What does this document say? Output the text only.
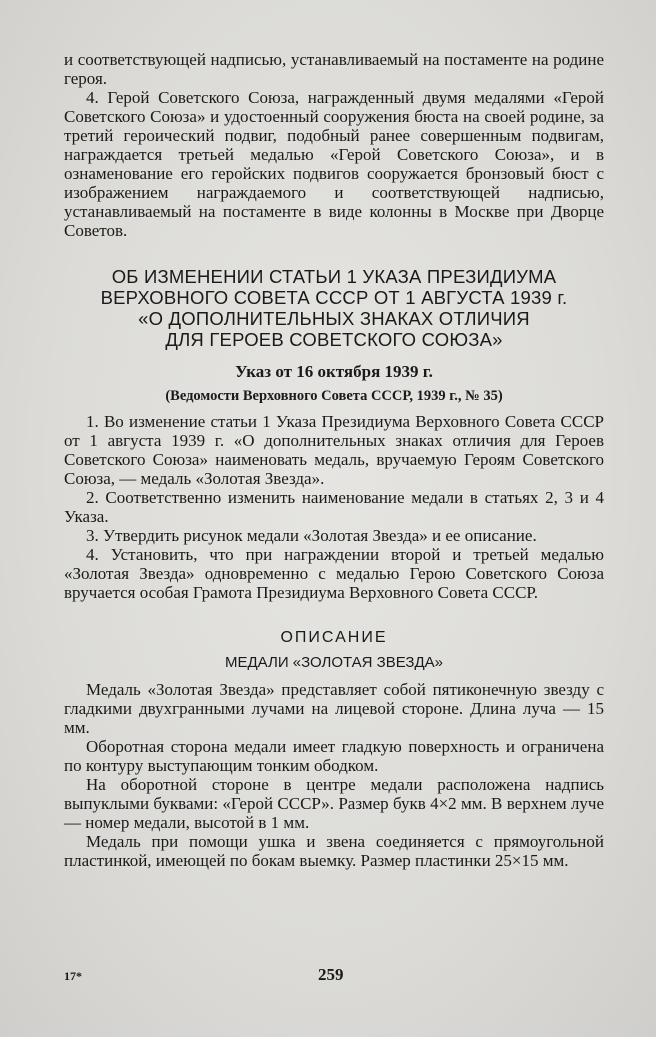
и соответствующей надписью, устанавливаемый на постаменте на родине героя.

4. Герой Советского Союза, награжденный двумя медалями «Герой Советского Союза» и удостоенный сооружения бюста на своей родине, за третий героический подвиг, подобный ранее совершенным подвигам, награждается третьей медалью «Герой Советского Союза», и в ознаменование его геройских подвигов сооружается бронзовый бюст с изображением награждаемого и соответствующей надписью, устанавливаемый на постаменте в виде колонны в Москве при Дворце Советов.

ОБ ИЗМЕНЕНИИ СТАТЬИ 1 УКАЗА ПРЕЗИДИУМА
ВЕРХОВНОГО СОВЕТА СССР ОТ 1 АВГУСТА 1939 г.
«О ДОПОЛНИТЕЛЬНЫХ ЗНАКАХ ОТЛИЧИЯ
ДЛЯ ГЕРОЕВ СОВЕТСКОГО СОЮЗА»
Указ от 16 октября 1939 г.
(Ведомости Верховного Совета СССР, 1939 г., № 35)

1. Во изменение статьи 1 Указа Президиума Верховного Совета СССР от 1 августа 1939 г. «О дополнительных знаках отличия для Героев Советского Союза» наименовать медаль, вручаемую Героям Советского Союза, — медаль «Золотая Звезда».

2. Соответственно изменить наименование медали в статьях 2, 3 и 4 Указа.

3. Утвердить рисунок медали «Золотая Звезда» и ее описание.

4. Установить, что при награждении второй и третьей медалью «Золотая Звезда» одновременно с медалью Герою Советского Союза вручается особая Грамота Президиума Верховного Совета СССР.

ОПИСАНИЕ
МЕДАЛИ «ЗОЛОТАЯ ЗВЕЗДА»

Медаль «Золотая Звезда» представляет собой пятиконечную звезду с гладкими двухгранными лучами на лицевой стороне. Длина луча — 15 мм.

Оборотная сторона медали имеет гладкую поверхность и ограничена по контуру выступающим тонким ободком.

На оборотной стороне в центре медали расположена надпись выпуклыми буквами: «Герой СССР». Размер букв 4×2 мм. В верхнем луче — номер медали, высотой в 1 мм.

Медаль при помощи ушка и звена соединяется с прямоугольной пластинкой, имеющей по бокам выемку. Размер пластинки 25×15 мм.

17*	259
